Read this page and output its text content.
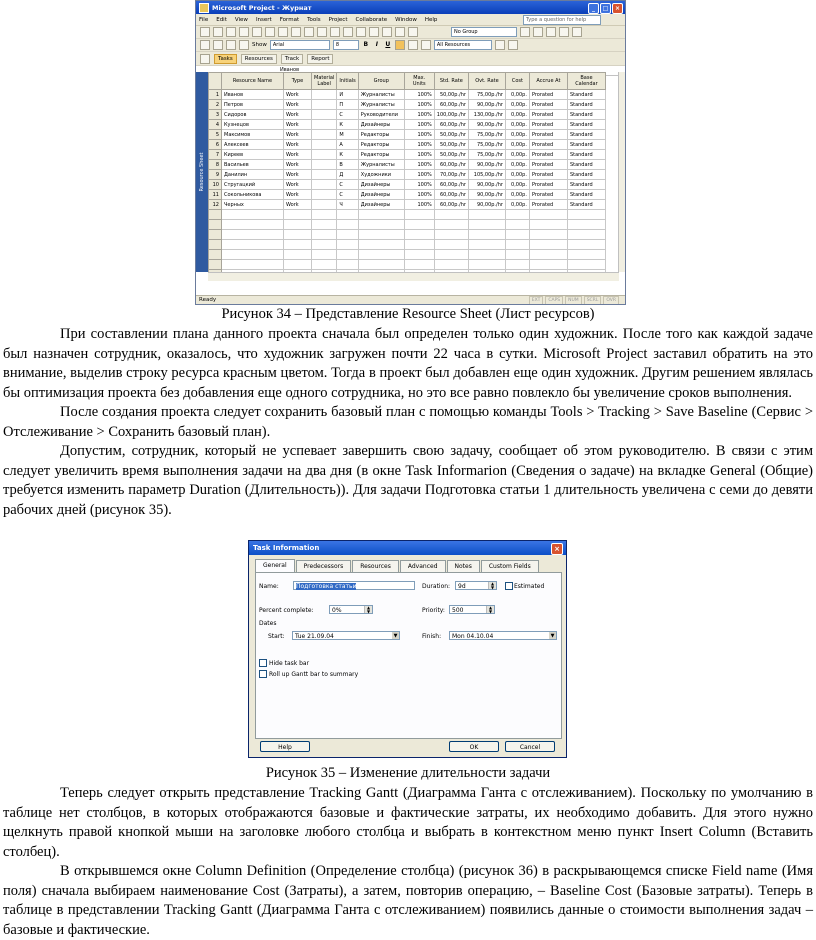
Microsoft Project - Журнат	_	□	×
File Edit View Insert Format Tools Project Collaborate Window Help	Type a question for help
No Group
Show	Arial	8	B	I	U	All Resources
Tasks	Resources	Track	Report
Иванов
Resource Sheet
	Resource Name	Type	Material Label	Initials	Group	Max. Units	Std. Rate	Ovt. Rate	Cost	Accrue At	Base Calendar
1	Иванов	Work		И	Журналисты	100%	50,00р./hr	75,00р./hr	0,00р.	Prorated	Standard
2	Петров	Work		П	Журналисты	100%	60,00р./hr	90,00р./hr	0,00р.	Prorated	Standard
3	Сидоров	Work		С	Руководители	100%	100,00р./hr	130,00р./hr	0,00р.	Prorated	Standard
4	Кузнецов	Work		К	Дизайнеры	100%	60,00р./hr	90,00р./hr	0,00р.	Prorated	Standard
5	Максимов	Work		М	Редакторы	100%	50,00р./hr	75,00р./hr	0,00р.	Prorated	Standard
6	Алексеев	Work		А	Редакторы	100%	50,00р./hr	75,00р./hr	0,00р.	Prorated	Standard
7	Киреев	Work		К	Редакторы	100%	50,00р./hr	75,00р./hr	0,00р.	Prorated	Standard
8	Васильев	Work		В	Журналисты	100%	60,00р./hr	90,00р./hr	0,00р.	Prorated	Standard
9	Данилин	Work		Д	Художники	100%	70,00р./hr	105,00р./hr	0,00р.	Prorated	Standard
10	Стругацкий	Work		С	Дизайнеры	100%	60,00р./hr	90,00р./hr	0,00р.	Prorated	Standard
11	Сокольникова	Work		С	Дизайнеры	100%	60,00р./hr	90,00р./hr	0,00р.	Prorated	Standard
12	Черных	Work		Ч	Дизайнеры	100%	60,00р./hr	90,00р./hr	0,00р.	Prorated	Standard

Ready	EXT	CAPS	NUM	SCRL	OVR
Рисунок 34 – Представление Resource Sheet (Лист ресурсов)

При составлении плана данного проекта сначала был определен только один художник. После того как каждой задаче был назначен сотрудник, оказалось, что художник загружен почти 22 часа в сутки. Microsoft Project заставил обратить на это внимание, выделив строку ресурса красным цветом. Тогда в проект был добавлен еще один художник. Другим решением являлась бы оптимизация проекта без добавления еще одного сотрудника, но это все равно повлекло бы увеличение сроков выполнения.

После создания проекта следует сохранить базовый план с помощью команды Tools > Tracking > Save Baseline (Сервис > Отслеживание > Сохранить базовый план).

Допустим, сотрудник, который не успевает завершить свою задачу, сообщает об этом руководителю. В связи с этим следует увеличить время выполнения задачи на два дня (в окне Task Informarion (Сведения о задаче) на вкладке General (Общие) требуется изменить параметр Duration (Длительность)). Для задачи Подготовка статьи 1 длительность увеличена с семи до девяти рабочих дней (рисунок 35).

Task Information	×
General	Predecessors	Resources	Advanced	Notes	Custom Fields
Name:	Подготовка статьи	Duration:	9d	▲
▼	Estimated
Percent complete:	0%	▲
▼	Priority:	500	▲
▼
Dates
Start:	Tue 21.09.04	▼	Finish:	Mon 04.10.04	▼
Hide task bar
Roll up Gantt bar to summary
Help	OK	Cancel
Рисунок 35 – Изменение длительности задачи

Теперь следует открыть представление Tracking Gantt (Диаграмма Ганта с отслеживанием). Поскольку по умолчанию в таблице нет столбцов, в которых отображаются базовые и фактические затраты, их необходимо добавить. Для этого нужно щелкнуть правой кнопкой мыши на заголовке любого столбца и выбрать в контекстном меню пункт Insert Column (Вставить столбец).

В открывшемся окне Column Definition (Определение столбца) (рисунок 36) в раскрывающемся списке Field name (Имя поля) сначала выбираем наименование Cost (Затраты), а затем, повторив операцию, – Baseline Cost (Базовые затраты). Теперь в таблице в представлении Tracking Gantt (Диаграмма Ганта с отслеживанием) появились данные о стоимости выполнения задач – базовые и фактические.
